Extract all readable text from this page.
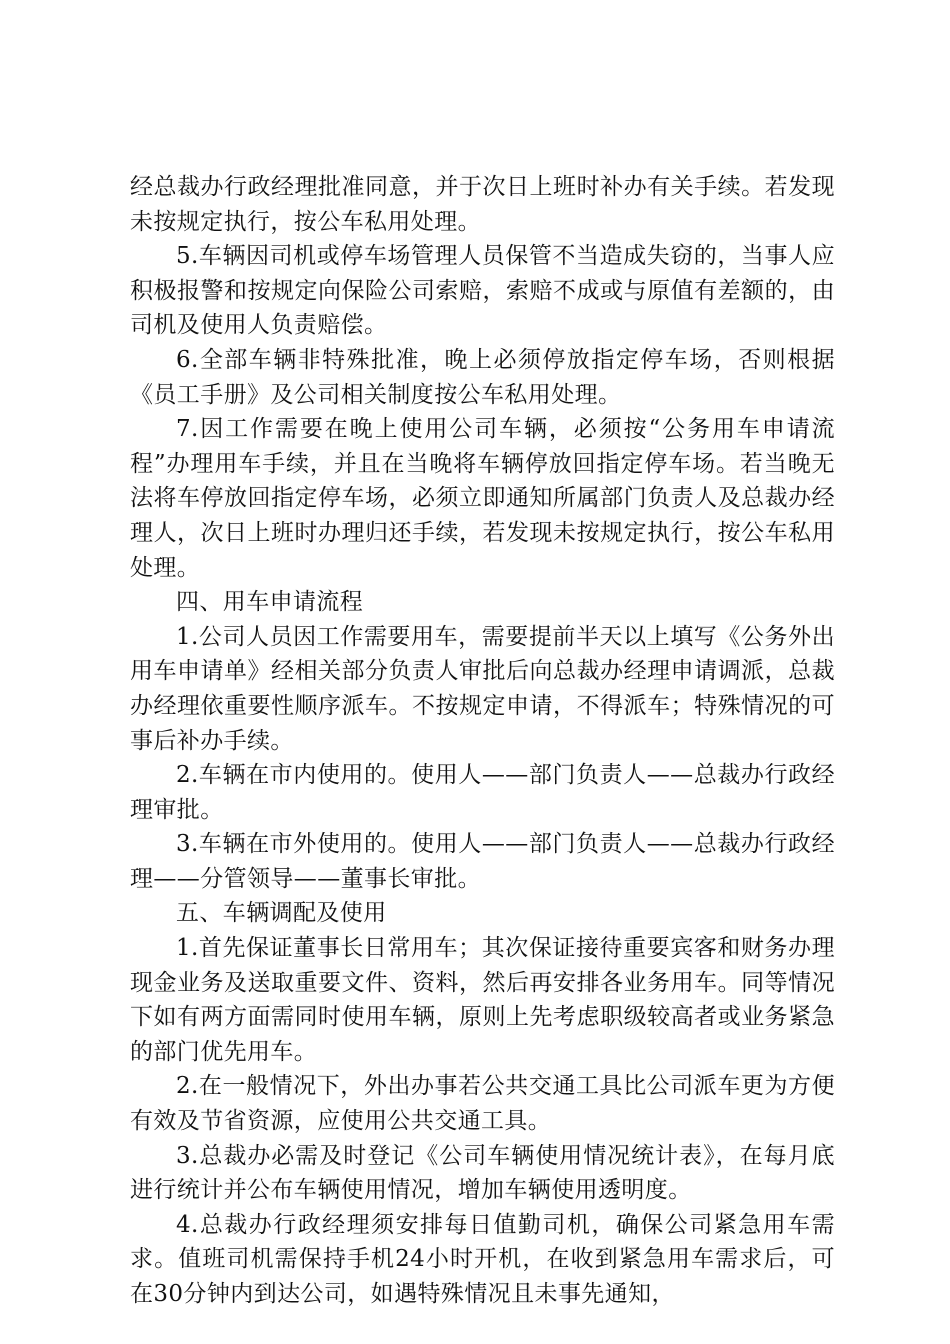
经总裁办行政经理批准同意，并于次日上班时补办有关手续。若发现未按规定执行，按公车私用处理。

5.车辆因司机或停车场管理人员保管不当造成失窃的，当事人应积极报警和按规定向保险公司索赔，索赔不成或与原值有差额的，由司机及使用人负责赔偿。

6.全部车辆非特殊批准，晚上必须停放指定停车场，否则根据《员工手册》及公司相关制度按公车私用处理。

7.因工作需要在晚上使用公司车辆，必须按“公务用车申请流程”办理用车手续，并且在当晚将车辆停放回指定停车场。若当晚无法将车停放回指定停车场，必须立即通知所属部门负责人及总裁办经理人，次日上班时办理归还手续，若发现未按规定执行，按公车私用处理。

四、用车申请流程

1.公司人员因工作需要用车，需要提前半天以上填写《公务外出用车申请单》经相关部分负责人审批后向总裁办经理申请调派，总裁办经理依重要性顺序派车。不按规定申请，不得派车；特殊情况的可事后补办手续。

2.车辆在市内使用的。使用人——部门负责人——总裁办行政经理审批。

3.车辆在市外使用的。使用人——部门负责人——总裁办行政经理——分管领导——董事长审批。

五、车辆调配及使用

1.首先保证董事长日常用车；其次保证接待重要宾客和财务办理现金业务及送取重要文件、资料，然后再安排各业务用车。同等情况下如有两方面需同时使用车辆，原则上先考虑职级较高者或业务紧急的部门优先用车。

2.在一般情况下，外出办事若公共交通工具比公司派车更为方便有效及节省资源，应使用公共交通工具。

3.总裁办必需及时登记《公司车辆使用情况统计表》，在每月底进行统计并公布车辆使用情况，增加车辆使用透明度。

4.总裁办行政经理须安排每日值勤司机，确保公司紧急用车需求。值班司机需保持手机24小时开机，在收到紧急用车需求后，可在30分钟内到达公司，如遇特殊情况且未事先通知，
